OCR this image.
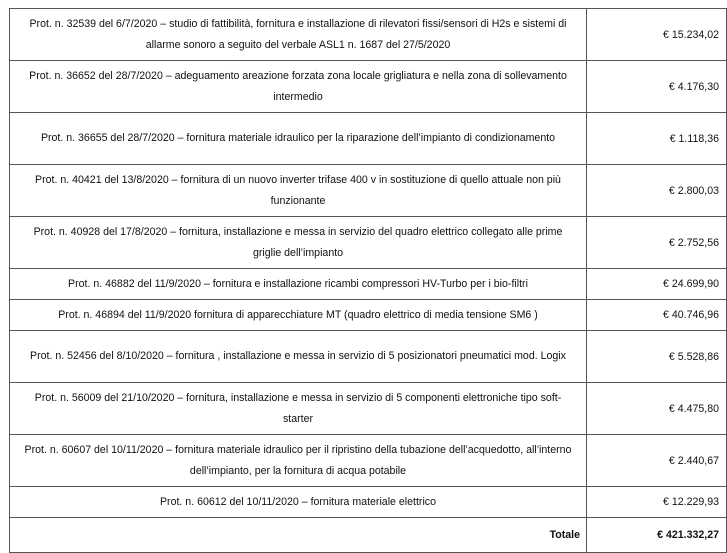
Prot. n. 32539 del 6/7/2020 – studio di fattibilità, fornitura e installazione di rilevatori fissi/sensori di H2s e sistemi di allarme sonoro a seguito del verbale ASL1 n. 1687 del 27/5/2020	€ 15.234,02
Prot. n. 36652 del 28/7/2020 – adeguamento areazione forzata zona locale grigliatura e nella zona di sollevamento intermedio	€ 4.176,30
Prot. n. 36655 del 28/7/2020 – fornitura materiale idraulico per la riparazione dell’impianto di condizionamento	€ 1.118,36
Prot. n. 40421 del 13/8/2020 – fornitura di un nuovo inverter trifase 400 v in sostituzione di quello attuale non più funzionante	€ 2.800,03
Prot. n. 40928 del 17/8/2020 – fornitura, installazione e messa in servizio del quadro elettrico collegato alle prime griglie dell’impianto	€ 2.752,56
Prot. n. 46882 del 11/9/2020 – fornitura e installazione ricambi compressori HV-Turbo per i bio-filtri	€ 24.699,90
Prot. n. 46894 del 11/9/2020 fornitura di apparecchiature MT (quadro elettrico di media tensione SM6 )	€ 40.746,96
Prot. n. 52456 del 8/10/2020 – fornitura , installazione e messa in servizio di 5 posizionatori pneumatici mod. Logix	€ 5.528,86
Prot. n. 56009 del 21/10/2020 – fornitura, installazione e messa in servizio di 5 componenti elettroniche tipo soft-starter	€ 4.475,80
Prot. n. 60607 del 10/11/2020 – fornitura materiale idraulico per il ripristino della tubazione dell’acquedotto, all’interno dell’impianto, per la fornitura di acqua potabile	€ 2.440,67
Prot. n. 60612 del 10/11/2020 – fornitura materiale elettrico	€ 12.229,93
Totale	€ 421.332,27
